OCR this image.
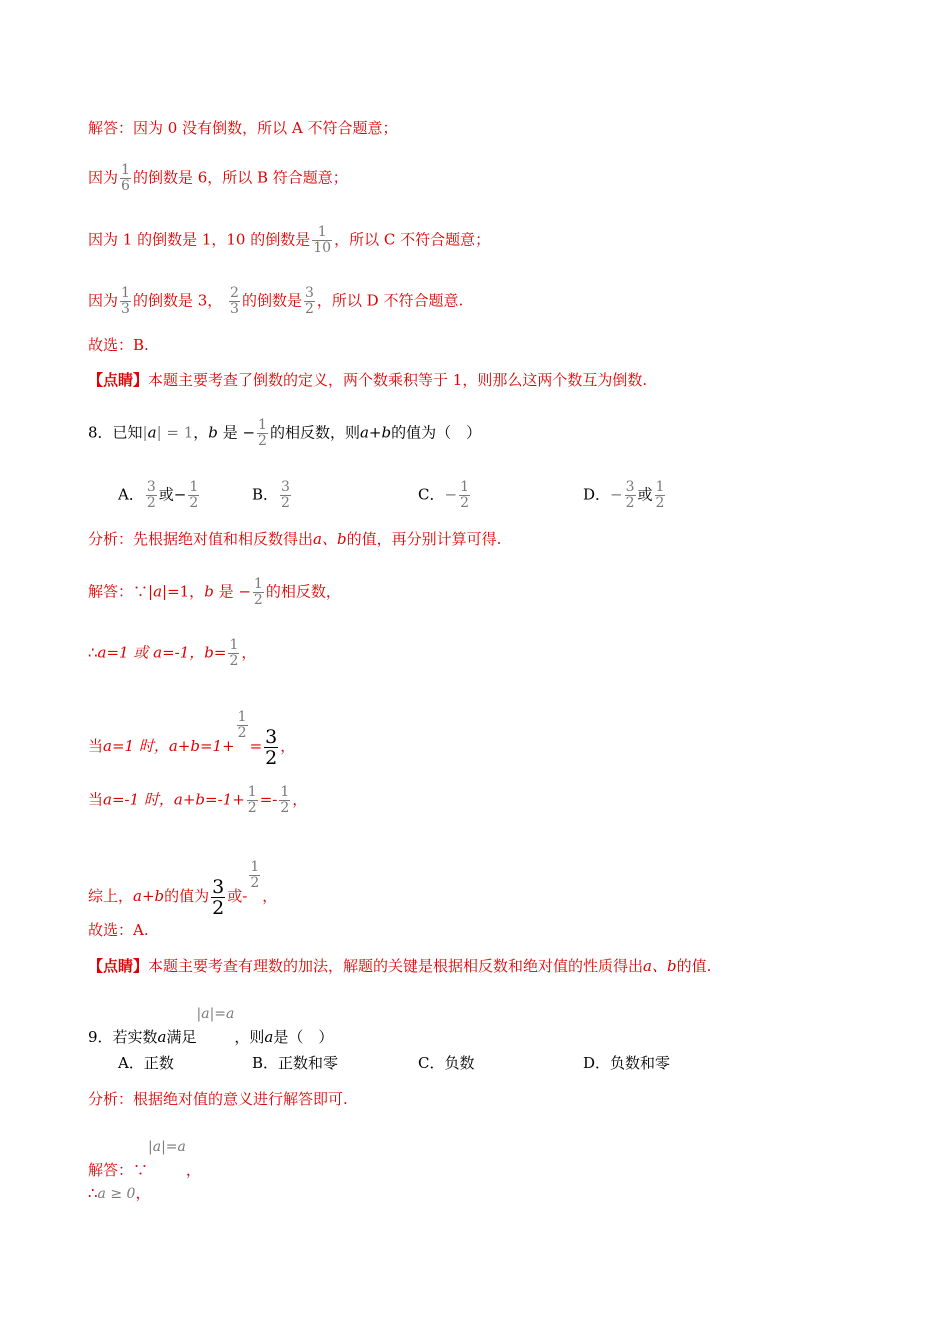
解答：因为 0 没有倒数，所以 A 不符合题意；
因为 $\frac{1}{6}$ 的倒数是 6，所以 B 符合题意；
因为 1 的倒数是 1，10 的倒数是 $\frac{1}{10}$ ，所以 C 不符合题意；
因为 $\frac{1}{3}$ 的倒数是 3， $\frac{2}{3}$ 的倒数是 $\frac{3}{2}$ ，所以 D 不符合题意.
故选：B.
【点睛】本题主要考查了倒数的定义，两个数乘积等于 1，则那么这两个数互为倒数.
8．已知|a| = 1，b 是 − $\frac{1}{2}$ 的相反数，则a+b的值为（　）
A． $\frac{3}{2}$ 或− $\frac{1}{2}$	B． $\frac{3}{2}$	C．− $\frac{1}{2}$	D．− $\frac{3}{2}$ 或 $\frac{1}{2}$
分析：先根据绝对值和相反数得出a、b的值，再分别计算可得.
解答：∵|a|=1，b 是 − $\frac{1}{2}$ 的相反数，
∴a=1 或 a=-1，$b= \frac{1}{2}$ ，
当a=1 时，a+b=1+
$\frac{1}{2}$
= $\frac{3}{2}$ ，
当a=-1 时，$a+b=-1+ \frac{1}{2} =- \frac{1}{2}$ ，
综上，a+b的值为 $\frac{3}{2}$ 或-
$\frac{1}{2}$
，
故选：A.
【点睛】本题主要考查有理数的加法，解题的关键是根据相反数和绝对值的性质得出a、b的值.
9．若实数a满足|a|=a，则a是（　）
A．正数	B．正数和零	C．负数	D．负数和零
分析：根据绝对值的意义进行解答即可.
解答：∵|a|=a，
∴a ≥ 0，
